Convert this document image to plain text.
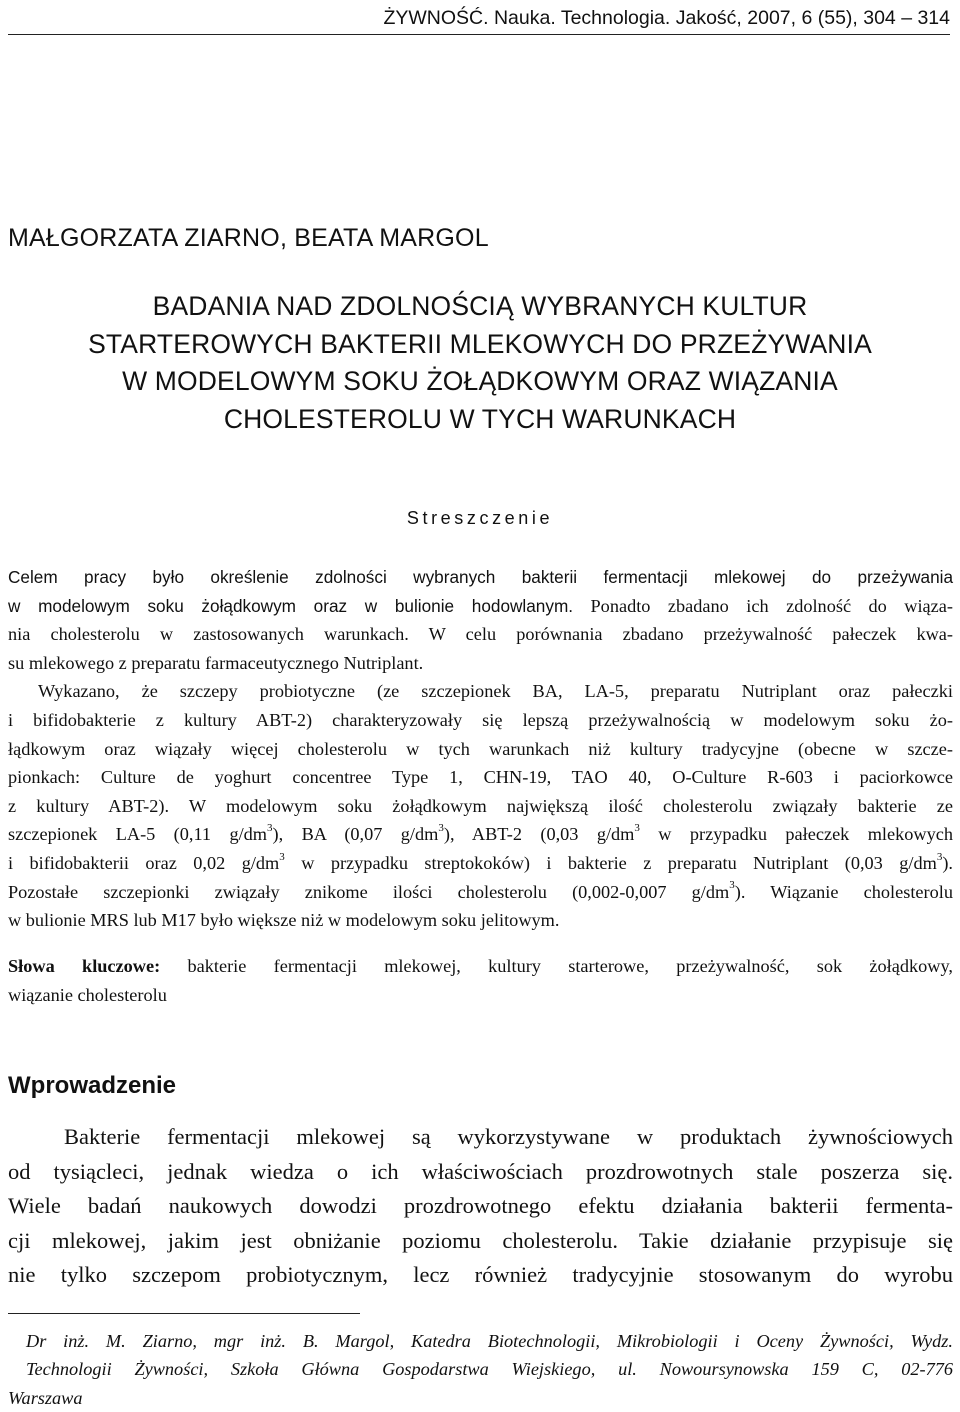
ŻYWNOŚĆ. Nauka. Technologia. Jakość, 2007, 6 (55), 304 – 314
MAŁGORZATA ZIARNO, BEATA MARGOL
BADANIA NAD ZDOLNOŚCIĄ WYBRANYCH KULTUR
STARTEROWYCH BAKTERII MLEKOWYCH DO PRZEŻYWANIA
W MODELOWYM SOKU ŻOŁĄDKOWYM ORAZ WIĄZANIA
CHOLESTEROLU W TYCH WARUNKACH
Streszczenie
Celem pracy było określenie zdolności wybranych bakterii fermentacji mlekowej do przeżywania
w modelowym soku żołądkowym oraz w bulionie hodowlanym. Ponadto zbadano ich zdolność do wiąza-
nia cholesterolu w zastosowanych warunkach. W celu porównania zbadano przeżywalność pałeczek kwa-
su mlekowego z preparatu farmaceutycznego Nutriplant.
Wykazano, że szczepy probiotyczne (ze szczepionek BA, LA-5, preparatu Nutriplant oraz pałeczki
i bifidobakterie z kultury ABT-2) charakteryzowały się lepszą przeżywalnością w modelowym soku żo-
łądkowym oraz wiązały więcej cholesterolu w tych warunkach niż kultury tradycyjne (obecne w szcze-
pionkach: Culture de yoghurt concentree Type 1, CHN-19, TAO 40, O-Culture R-603 i paciorkowce
z kultury ABT-2). W modelowym soku żołądkowym największą ilość cholesterolu związały bakterie ze
szczepionek LA-5 (0,11 $g/dm^3$), BA (0,07 $g/dm^3$), ABT-2 (0,03 $g/dm^3$ w przypadku pałeczek mlekowych
i bifidobakterii oraz 0,02 $g/dm^3$ w przypadku streptokoków) i bakterie z preparatu Nutriplant (0,03 $g/dm^3$).
Pozostałe szczepionki związały znikome ilości cholesterolu (0,002-0,007 $g/dm^3$). Wiązanie cholesterolu
w bulionie MRS lub M17 było większe niż w modelowym soku jelitowym.
Słowa kluczowe: bakterie fermentacji mlekowej, kultury starterowe, przeżywalność, sok żołądkowy,
wiązanie cholesterolu
Wprowadzenie
Bakterie fermentacji mlekowej są wykorzystywane w produktach żywnościowych
od tysiącleci, jednak wiedza o ich właściwościach prozdrowotnych stale poszerza się.
Wiele badań naukowych dowodzi prozdrowotnego efektu działania bakterii fermenta-
cji mlekowej, jakim jest obniżanie poziomu cholesterolu. Takie działanie przypisuje się
nie tylko szczepom probiotycznym, lecz również tradycyjnie stosowanym do wyrobu
Dr inż. M. Ziarno, mgr inż. B. Margol, Katedra Biotechnologii, Mikrobiologii i Oceny Żywności, Wydz.
Technologii Żywności, Szkoła Główna Gospodarstwa Wiejskiego, ul. Nowoursynowska 159 C, 02-776
Warszawa
